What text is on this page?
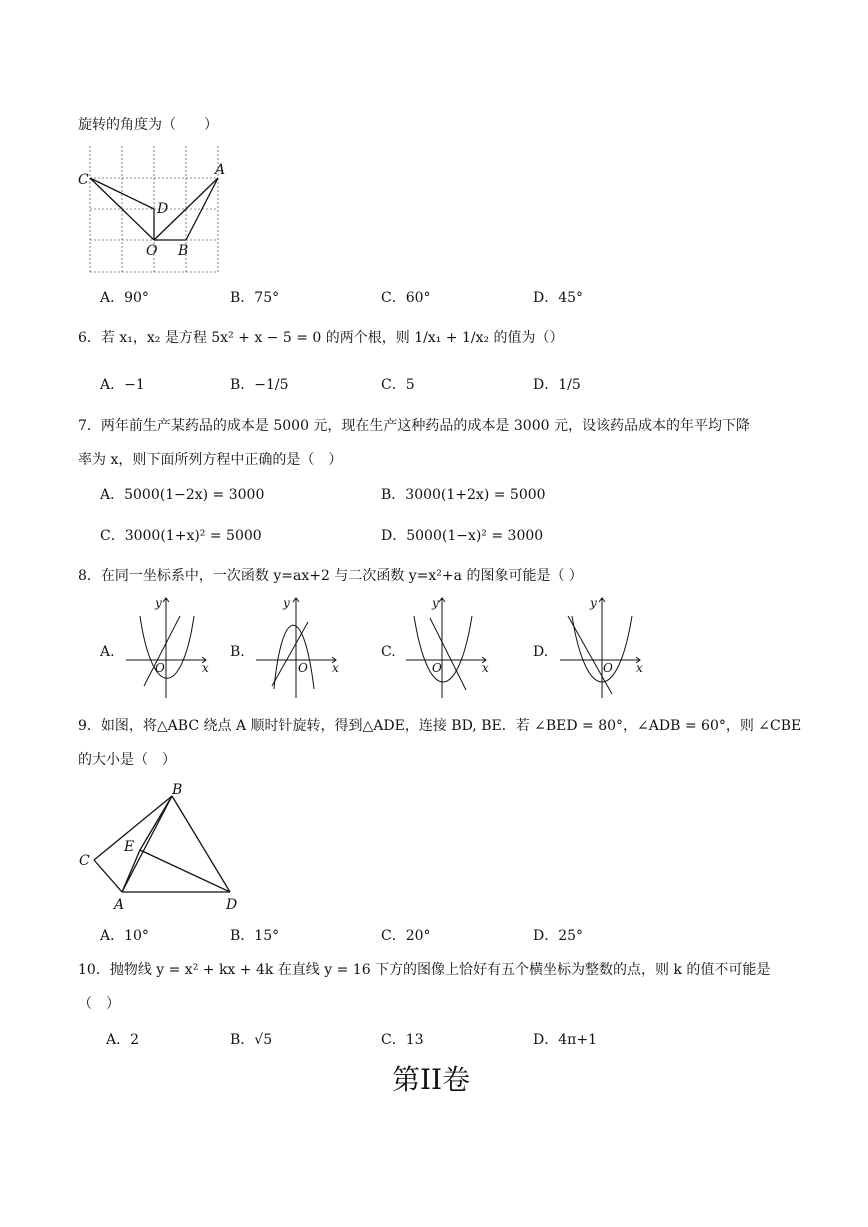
旋转的角度为（　　）
C
A
D
O B
A．90°	B．75°	C．60°	D．45°
6．若 x₁，x₂ 是方程 5x² + x − 5 = 0 的两个根，则 1/x₁ + 1/x₂ 的值为（）
A．−1	B．−1/5	C．5	D．1/5
7．两年前生产某药品的成本是 5000 元，现在生产这种药品的成本是 3000 元，设该药品成本的年平均下降
率为 x，则下面所列方程中正确的是（　）
A．5000(1−2x) = 3000	B．3000(1+2x) = 5000
C．3000(1+x)² = 5000	D．5000(1−x)² = 3000
8．在同一坐标系中，一次函数 y=ax+2 与二次函数 y=x²+a 的图象可能是（ ）
A.
x
y
O
B.
x
y
O
C.
x
y
O
D.
x
y
O
9．如图，将△ABC 绕点 A 顺时针旋转，得到△ADE，连接 BD, BE．若 ∠BED = 80°，∠ADB = 60°，则 ∠CBE
的大小是（　）
B
C
E
A	D
A．10°	B．15°	C．20°	D．25°
10．抛物线 y = x² + kx + 4k 在直线 y = 16 下方的图像上恰好有五个横坐标为整数的点，则 k 的值不可能是
（　）
A．2	B．√5	C．13	D．4π+1
第II卷
